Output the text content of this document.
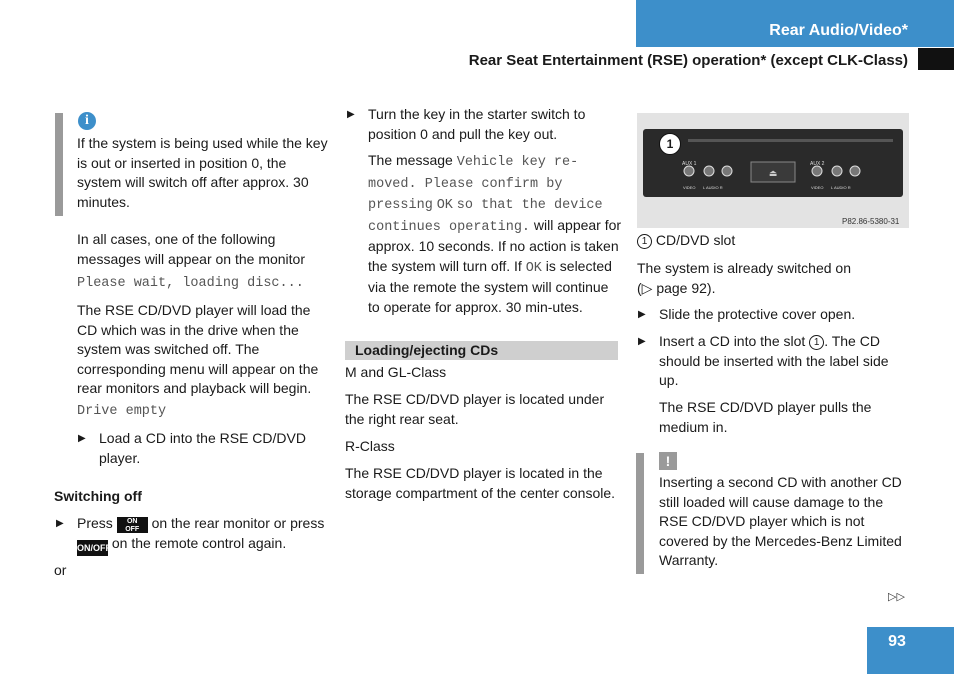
Rear Audio/Video*
Rear Seat Entertainment (RSE) operation* (except CLK-Class)
i
If the system is being used while the key is out or inserted in position 0, the system will switch off after approx. 30 minutes.
In all cases, one of the following messages will appear on the monitor
Please wait, loading disc...
The RSE CD/DVD player will load the CD which was in the drive when the system was switched off. The corresponding menu will appear on the rear monitors and playback will begin.
Drive empty
▶ Load a CD into the RSE CD/DVD player.
Switching off
▶ Press ON
OFF on the rear monitor or press
ON/OFF on the remote control again.
or
▶ Turn the key in the starter switch to position 0 and pull the key out.
The message Vehicle key re-
moved. Please confirm by
pressing OK so that the device
continues operating. will appear for approx. 10 seconds. If no action is taken the system will turn off. If OK is selected via the remote the system will continue to operate for approx. 30 min-utes.
Loading/ejecting CDs
M and GL-Class
The RSE CD/DVD player is located under the right rear seat.
R-Class
The RSE CD/DVD player is located in the storage compartment of the center console.
⏏
AUX 1	AUX 2
VIDEO L AUDIO R	VIDEO L AUDIO R
1
P82.86-5380-31
1 CD/DVD slot
The system is already switched on
(▷ page 92).
▶ Slide the protective cover open.
▶ Insert a CD into the slot 1 . The CD should be inserted with the label side up.
The RSE CD/DVD player pulls the medium in.
!
Inserting a second CD with another CD still loaded will cause damage to the RSE CD/DVD player which is not covered by the Mercedes-Benz Limited Warranty.
▷▷
93
